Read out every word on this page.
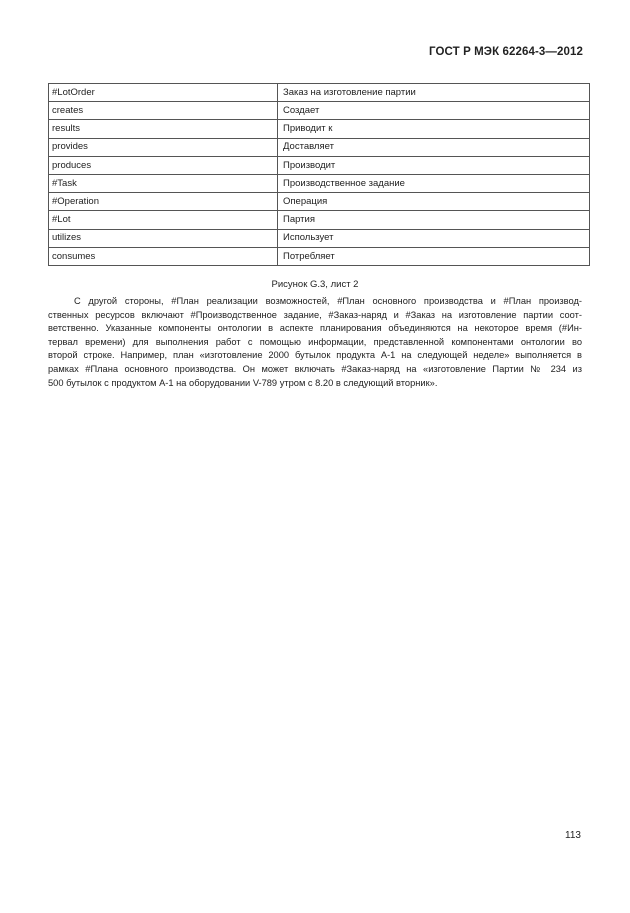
ГОСТ Р МЭК 62264-3—2012
#LotOrder	Заказ на изготовление партии
creates	Создает
results	Приводит к
provides	Доставляет
produces	Производит
#Task	Производственное задание
#Operation	Операция
#Lot	Партия
utilizes	Использует
consumes	Потребляет
Рисунок G.3, лист 2
С другой стороны, #План реализации возможностей, #План основного производства и #План производ-
ственных ресурсов включают #Производственное задание, #Заказ-наряд и #Заказ на изготовление партии соот-
ветственно. Указанные компоненты онтологии в аспекте планирования объединяются на некоторое время (#Ин-
тервал времени) для выполнения работ с помощью информации, представленной компонентами онтологии во
второй строке. Например, план «изготовление 2000 бутылок продукта А-1 на следующей неделе» выполняется в
рамках #Плана основного производства. Он может включать #Заказ-наряд на «изготовление Партии № 234 из
500 бутылок с продуктом А-1 на оборудовании V-789 утром с 8.20 в следующий вторник».
113
